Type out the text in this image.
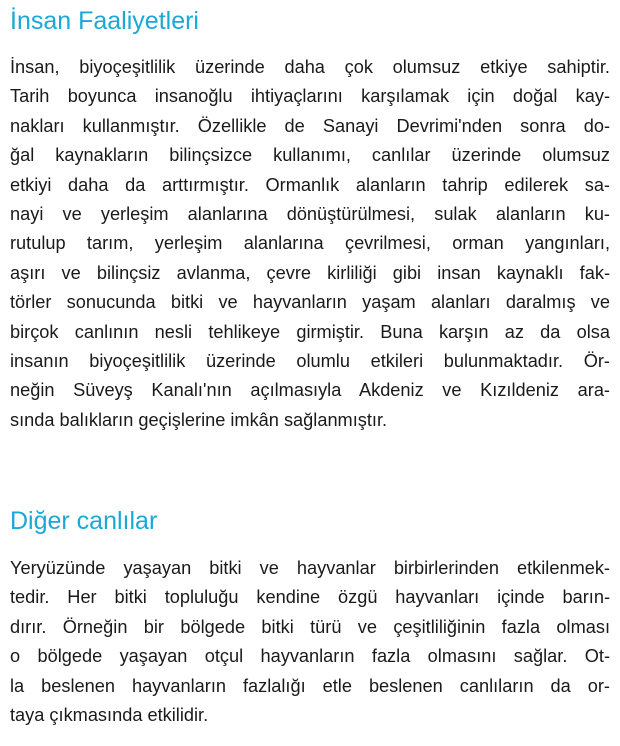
İnsan Faaliyetleri

İnsan, biyoçeşitlilik üzerinde daha çok olumsuz etkiye sahiptir.
Tarih boyunca insanoğlu ihtiyaçlarını karşılamak için doğal kay-
nakları kullanmıştır. Özellikle de Sanayi Devrimi'nden sonra do-
ğal kaynakların bilinçsizce kullanımı, canlılar üzerinde olumsuz
etkiyi daha da arttırmıştır. Ormanlık alanların tahrip edilerek sa-
nayi ve yerleşim alanlarına dönüştürülmesi, sulak alanların ku-
rutulup tarım, yerleşim alanlarına çevrilmesi, orman yangınları,
aşırı ve bilinçsiz avlanma, çevre kirliliği gibi insan kaynaklı fak-
törler sonucunda bitki ve hayvanların yaşam alanları daralmış ve
birçok canlının nesli tehlikeye girmiştir. Buna karşın az da olsa
insanın biyoçeşitlilik üzerinde olumlu etkileri bulunmaktadır. Ör-
neğin Süveyş Kanalı'nın açılmasıyla Akdeniz ve Kızıldeniz ara-
sında balıkların geçişlerine imkân sağlanmıştır.

Diğer canlılar

Yeryüzünde yaşayan bitki ve hayvanlar birbirlerinden etkilenmek-
tedir. Her bitki topluluğu kendine özgü hayvanları içinde barın-
dırır. Örneğin bir bölgede bitki türü ve çeşitliliğinin fazla olması
o bölgede yaşayan otçul hayvanların fazla olmasını sağlar. Ot-
la beslenen hayvanların fazlalığı etle beslenen canlıların da or-
taya çıkmasında etkilidir.
